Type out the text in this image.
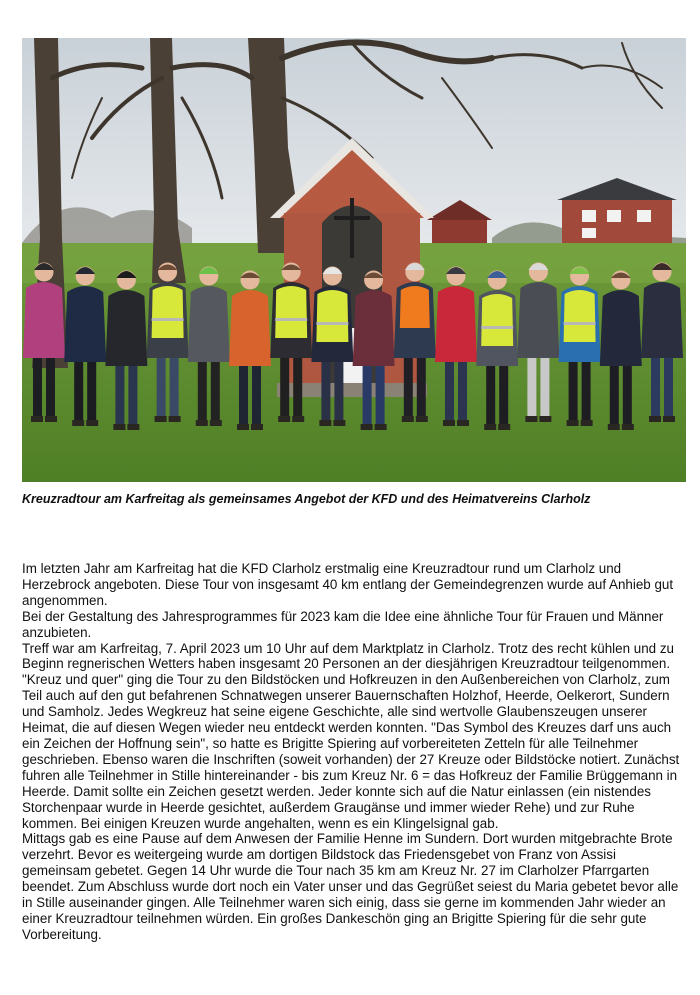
Kreuzradtour am Karfreitag als gemeinsames Angebot der KFD und des Heimatvereins Clarholz

Im letzten Jahr am Karfreitag hat die KFD Clarholz erstmalig eine Kreuzradtour rund um Clarholz und Herzebrock angeboten. Diese Tour von insgesamt 40 km entlang der Gemeindegrenzen wurde auf Anhieb gut angenommen.

Bei der Gestaltung des Jahresprogrammes für 2023 kam die Idee eine ähnliche Tour für Frauen und Männer anzubieten.

Treff war am Karfreitag, 7. April 2023 um 10 Uhr auf dem Marktplatz in Clarholz. Trotz des recht kühlen und zu Beginn regnerischen Wetters haben insgesamt 20 Personen an der diesjährigen Kreuzradtour teilgenommen. "Kreuz und quer" ging die Tour zu den Bildstöcken und Hofkreuzen in den Außenbereichen von Clarholz, zum Teil auch auf den gut befahrenen Schnatwegen unserer Bauernschaften Holzhof, Heerde, Oelkerort, Sundern und Samholz. Jedes Wegkreuz hat seine eigene Geschichte, alle sind wertvolle Glaubenszeugen unserer Heimat, die auf diesen Wegen wieder neu entdeckt werden konnten. "Das Symbol des Kreuzes darf uns auch ein Zeichen der Hoffnung sein", so hatte es Brigitte Spiering auf vorbereiteten Zetteln für alle Teilnehmer geschrieben. Ebenso waren die Inschriften (soweit vorhanden) der 27 Kreuze oder Bildstöcke notiert. Zunächst fuhren alle Teilnehmer in Stille hintereinander - bis zum Kreuz Nr. 6 = das Hofkreuz der Familie Brüggemann in Heerde. Damit sollte ein Zeichen gesetzt werden. Jeder konnte sich auf die Natur einlassen (ein nistendes Storchenpaar wurde in Heerde gesichtet, außerdem Graugänse und immer wieder Rehe) und zur Ruhe kommen. Bei einigen Kreuzen wurde angehalten, wenn es ein Klingelsignal gab.

Mittags gab es eine Pause auf dem Anwesen der Familie Henne im Sundern. Dort wurden mitgebrachte Brote verzehrt. Bevor es weitergeing wurde am dortigen Bildstock das Friedensgebet von Franz von Assisi gemeinsam gebetet. Gegen 14 Uhr wurde die Tour nach 35 km am Kreuz Nr. 27 im Clarholzer Pfarrgarten beendet. Zum Abschluss wurde dort noch ein Vater unser und das Gegrüßet seiest du Maria gebetet bevor alle in Stille auseinander gingen. Alle Teilnehmer waren sich einig, dass sie gerne im kommenden Jahr wieder an einer Kreuzradtour teilnehmen würden. Ein großes Dankeschön ging an Brigitte Spiering für die sehr gute Vorbereitung.
